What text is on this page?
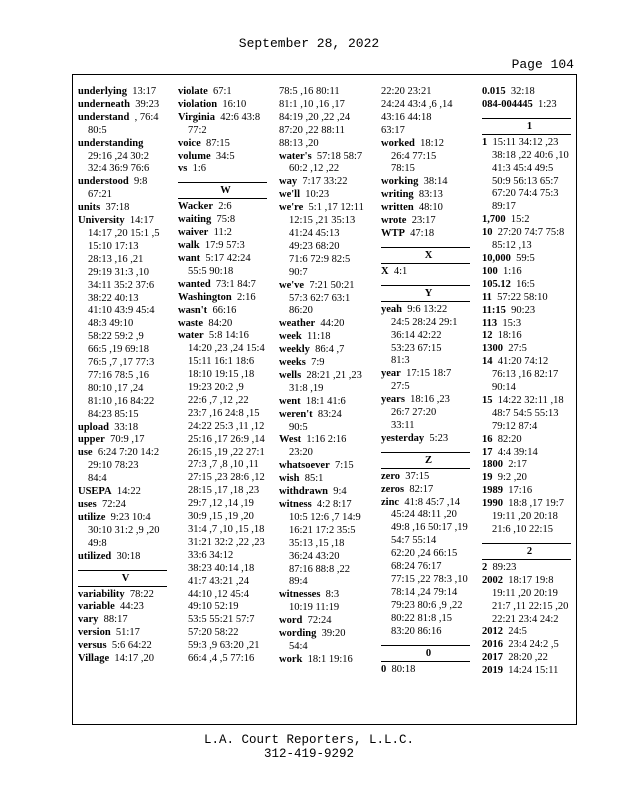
September 28, 2022
Page 104
underlying 13:17
underneath 39:23
understand , 76:4
80:5
understanding
29:16 ,24 30:2
32:4 36:9 76:6
understood 9:8
67:21
units 37:18
University 14:17
14:17 ,20 15:1 ,5
15:10 17:13
28:13 ,16 ,21
29:19 31:3 ,10
34:11 35:2 37:6
38:22 40:13
41:10 43:9 45:4
48:3 49:10
58:22 59:2 ,9
66:5 ,19 69:18
76:5 ,7 ,17 77:3
77:16 78:5 ,16
80:10 ,17 ,24
81:10 ,16 84:22
84:23 85:15
upload 33:18
upper 70:9 ,17
use 6:24 7:20 14:2
29:10 78:23
84:4
USEPA 14:22
uses 72:24
utilize 9:23 10:4
30:10 31:2 ,9 ,20
49:8
utilized 30:18
V
variability 78:22
variable 44:23
vary 88:17
version 51:17
versus 5:6 64:22
Village 14:17 ,20
violate 67:1
violation 16:10
Virginia 42:6 43:8
77:2
voice 87:15
volume 34:5
vs 1:6
W
Wacker 2:6
waiting 75:8
waiver 11:2
walk 17:9 57:3
want 5:17 42:24
55:5 90:18
wanted 73:1 84:7
Washington 2:16
wasn't 66:16
waste 84:20
water 5:8 14:16
14:20 ,23 ,24 15:4
15:11 16:1 18:6
18:10 19:15 ,18
19:23 20:2 ,9
22:6 ,7 ,12 ,22
23:7 ,16 24:8 ,15
24:22 25:3 ,11 ,12
25:16 ,17 26:9 ,14
26:15 ,19 ,22 27:1
27:3 ,7 ,8 ,10 ,11
27:15 ,23 28:6 ,12
28:15 ,17 ,18 ,23
29:7 ,12 ,14 ,19
30:9 ,15 ,19 ,20
31:4 ,7 ,10 ,15 ,18
31:21 32:2 ,22 ,23
33:6 34:12
38:23 40:14 ,18
41:7 43:21 ,24
44:10 ,12 45:4
49:10 52:19
53:5 55:21 57:7
57:20 58:22
59:3 ,9 63:20 ,21
66:4 ,4 ,5 77:16
78:5 ,16 80:11
81:1 ,10 ,16 ,17
84:19 ,20 ,22 ,24
87:20 ,22 88:11
88:13 ,20
water's 57:18 58:7
60:2 ,12 ,22
way 7:17 33:22
we'll 10:23
we're 5:1 ,17 12:11
12:15 ,21 35:13
41:24 45:13
49:23 68:20
71:6 72:9 82:5
90:7
we've 7:21 50:21
57:3 62:7 63:1
86:20
weather 44:20
week 11:18
weekly 86:4 ,7
weeks 7:9
wells 28:21 ,21 ,23
31:8 ,19
went 18:1 41:6
weren't 83:24
90:5
West 1:16 2:16
23:20
whatsoever 7:15
wish 85:1
withdrawn 9:4
witness 4:2 8:17
10:5 12:6 ,7 14:9
16:21 17:2 35:5
35:13 ,15 ,18
36:24 43:20
87:16 88:8 ,22
89:4
witnesses 8:3
10:19 11:19
word 72:24
wording 39:20
54:4
work 18:1 19:16
22:20 23:21
24:24 43:4 ,6 ,14
43:16 44:18
63:17
worked 18:12
26:4 77:15
78:15
working 38:14
writing 83:13
written 48:10
wrote 23:17
WTP 47:18
X
X 4:1
Y
yeah 9:6 13:22
24:5 28:24 29:1
36:14 42:22
53:23 67:15
81:3
year 17:15 18:7
27:5
years 18:16 ,23
26:7 27:20
33:11
yesterday 5:23
Z
zero 37:15
zeros 82:17
zinc 41:8 45:7 ,14
45:24 48:11 ,20
49:8 ,16 50:17 ,19
54:7 55:14
62:20 ,24 66:15
68:24 76:17
77:15 ,22 78:3 ,10
78:14 ,24 79:14
79:23 80:6 ,9 ,22
80:22 81:8 ,15
83:20 86:16
0
0 80:18
0.015 32:18
084-004445 1:23
1
1 15:11 34:12 ,23
38:18 ,22 40:6 ,10
41:3 45:4 49:5
50:9 56:13 65:7
67:20 74:4 75:3
89:17
1,700 15:2
10 27:20 74:7 75:8
85:12 ,13
10,000 59:5
100 1:16
105.12 16:5
11 57:22 58:10
11:15 90:23
113 15:3
12 18:16
1300 27:5
14 41:20 74:12
76:13 ,16 82:17
90:14
15 14:22 32:11 ,18
48:7 54:5 55:13
79:12 87:4
16 82:20
17 4:4 39:14
1800 2:17
19 9:2 ,20
1989 17:16
1990 18:8 ,17 19:7
19:11 ,20 20:18
21:6 ,10 22:15
2
2 89:23
2002 18:17 19:8
19:11 ,20 20:19
21:7 ,11 22:15 ,20
22:21 23:4 24:2
2012 24:5
2016 23:4 24:2 ,5
2017 28:20 ,22
2019 14:24 15:11
L.A. Court Reporters, L.L.C.
312-419-9292
